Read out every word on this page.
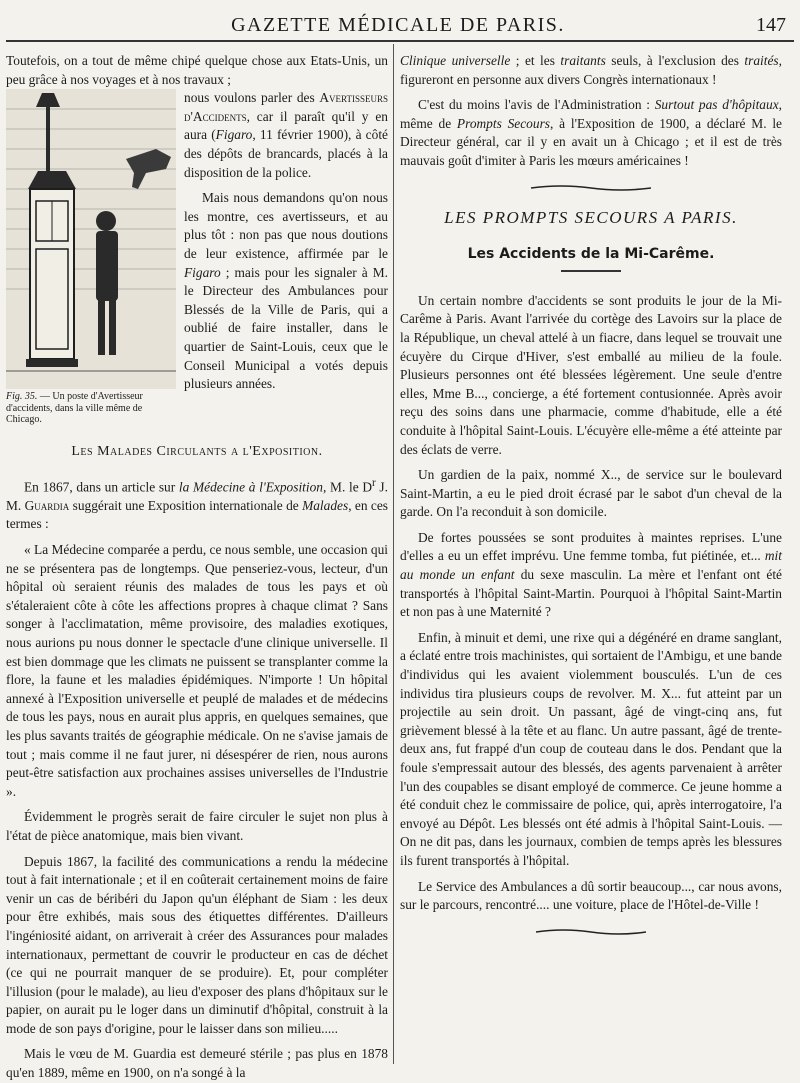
GAZETTE MÉDICALE DE PARIS.	147

Toutefois, on a tout de même chipé quelque chose aux Etats-Unis, un peu grâce à nos voyages et à nos travaux ;

Fig. 35. — Un poste d'Avertisseur d'accidents, dans la ville même de Chicago.

nous voulons parler des Avertisseurs d'Accidents, car il paraît qu'il y en aura (Figaro, 11 février 1900), à côté des dépôts de brancards, placés à la disposition de la police.

Mais nous demandons qu'on nous les montre, ces avertisseurs, et au plus tôt : non pas que nous doutions de leur existence, affirmée par le Figaro ; mais pour les signaler à M. le Directeur des Ambulances pour Blessés de la Ville de Paris, qui a oublié de faire installer, dans le quartier de Saint-Louis, ceux que le Conseil Municipal a votés depuis plusieurs années.

Les Malades Circulants a l'Exposition.

En 1867, dans un article sur la Médecine à l'Exposition, M. le $D^r$ J. M. Guardia suggérait une Exposition internationale de Malades, en ces termes :

« La Médecine comparée a perdu, ce nous semble, une occasion qui ne se présentera pas de longtemps. Que penseriez-vous, lecteur, d'un hôpital où seraient réunis des malades de tous les pays et où s'étaleraient côte à côte les affections propres à chaque climat ? Sans songer à l'acclimatation, même provisoire, des maladies exotiques, nous aurions pu nous donner le spectacle d'une clinique universelle. Il est bien dommage que les climats ne puissent se transplanter comme la flore, la faune et les maladies épidémiques. N'importe ! Un hôpital annexé à l'Exposition universelle et peuplé de malades et de médecins de tous les pays, nous en aurait plus appris, en quelques semaines, que les plus savants traités de géographie médicale. On ne s'avise jamais de tout ; mais comme il ne faut jurer, ni désespérer de rien, nous aurons peut-être satisfaction aux prochaines assises universelles de l'Industrie ».

Évidemment le progrès serait de faire circuler le sujet non plus à l'état de pièce anatomique, mais bien vivant.

Depuis 1867, la facilité des communications a rendu la médecine tout à fait internationale ; et il en coûterait certainement moins de faire venir un cas de béribéri du Japon qu'un éléphant de Siam : les deux pour être exhibés, mais sous des étiquettes différentes. D'ailleurs l'ingéniosité aidant, on arriverait à créer des Assurances pour malades internationaux, permettant de couvrir le producteur en cas de déchet (ce qui ne pourrait manquer de se produire). Et, pour compléter l'illusion (pour le malade), au lieu d'exposer des plans d'hôpitaux sur le papier, on aurait pu le loger dans un diminutif d'hôpital, construit à la mode de son pays d'origine, pour le laisser dans son milieu.....

Mais le vœu de M. Guardia est demeuré stérile ; pas plus en 1878 qu'en 1889, même en 1900, on n'a songé à la

Clinique universelle ; et les traitants seuls, à l'exclusion des traités, figureront en personne aux divers Congrès internationaux !

C'est du moins l'avis de l'Administration : Surtout pas d'hôpitaux, même de Prompts Secours, à l'Exposition de 1900, a déclaré M. le Directeur général, car il y en avait un à Chicago ; et il est de très mauvais goût d'imiter à Paris les mœurs américaines !

LES PROMPTS SECOURS A PARIS.
Les Accidents de la Mi-Carême.

Un certain nombre d'accidents se sont produits le jour de la Mi-Carême à Paris. Avant l'arrivée du cortège des Lavoirs sur la place de la République, un cheval attelé à un fiacre, dans lequel se trouvait une écuyère du Cirque d'Hiver, s'est emballé au milieu de la foule. Plusieurs personnes ont été blessées légèrement. Une seule d'entre elles, Mme B..., concierge, a été fortement contusionnée. Après avoir reçu des soins dans une pharmacie, comme d'habitude, elle a été conduite à l'hôpital Saint-Louis. L'écuyère elle-même a été atteinte par des éclats de verre.

Un gardien de la paix, nommé X.., de service sur le boulevard Saint-Martin, a eu le pied droit écrasé par le sabot d'un cheval de la garde. On l'a reconduit à son domicile.

De fortes poussées se sont produites à maintes reprises. L'une d'elles a eu un effet imprévu. Une femme tomba, fut piétinée, et... mit au monde un enfant du sexe masculin. La mère et l'enfant ont été transportés à l'hôpital Saint-Martin. Pourquoi à l'hôpital Saint-Martin et non pas à une Maternité ?

Enfin, à minuit et demi, une rixe qui a dégénéré en drame sanglant, a éclaté entre trois machinistes, qui sortaient de l'Ambigu, et une bande d'individus qui les avaient violemment bousculés. L'un de ces individus tira plusieurs coups de revolver. M. X... fut atteint par un projectile au sein droit. Un passant, âgé de vingt-cinq ans, fut grièvement blessé à la tête et au flanc. Un autre passant, âgé de trente-deux ans, fut frappé d'un coup de couteau dans le dos. Pendant que la foule s'empressait autour des blessés, des agents parvenaient à arrêter l'un des coupables se disant employé de commerce. Ce jeune homme a été conduit chez le commissaire de police, qui, après interrogatoire, l'a envoyé au Dépôt. Les blessés ont été admis à l'hôpital Saint-Louis. — On ne dit pas, dans les journaux, combien de temps après les blessures ils furent transportés à l'hôpital.

Le Service des Ambulances a dû sortir beaucoup..., car nous avons, sur le parcours, rencontré.... une voiture, place de l'Hôtel-de-Ville !
